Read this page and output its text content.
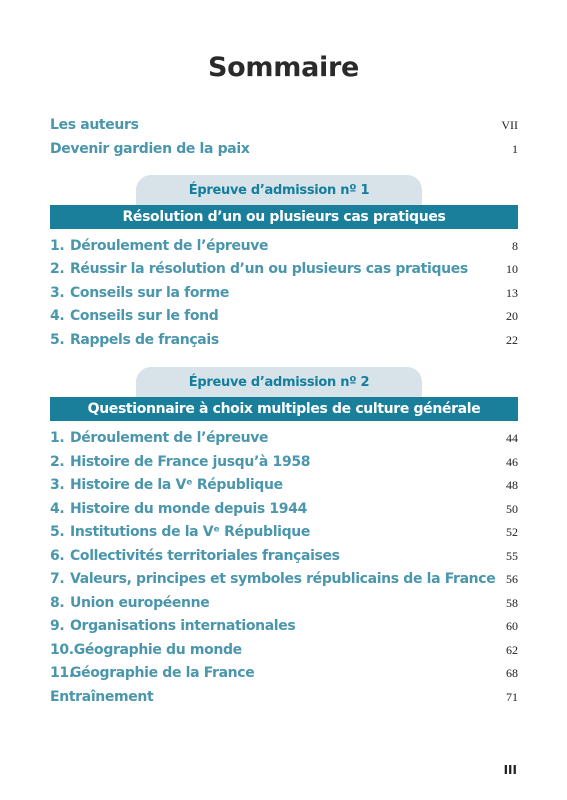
Sommaire
Les auteurs	VII
Devenir gardien de la paix	1
Épreuve d’admission nº 1
Résolution d’un ou plusieurs cas pratiques
1. Déroulement de l’épreuve	8
2. Réussir la résolution d’un ou plusieurs cas pratiques	10
3. Conseils sur la forme	13
4. Conseils sur le fond	20
5. Rappels de français	22
Épreuve d’admission nº 2
Questionnaire à choix multiples de culture générale
1. Déroulement de l’épreuve	44
2. Histoire de France jusqu’à 1958	46
3. Histoire de la Vᵉ République	48
4. Histoire du monde depuis 1944	50
5. Institutions de la Vᵉ République	52
6. Collectivités territoriales françaises	55
7. Valeurs, principes et symboles républicains de la France 56
8. Union européenne	58
9. Organisations internationales	60
10.Géographie du monde	62
11.Géographie de la France	68
Entraînement	71
III
